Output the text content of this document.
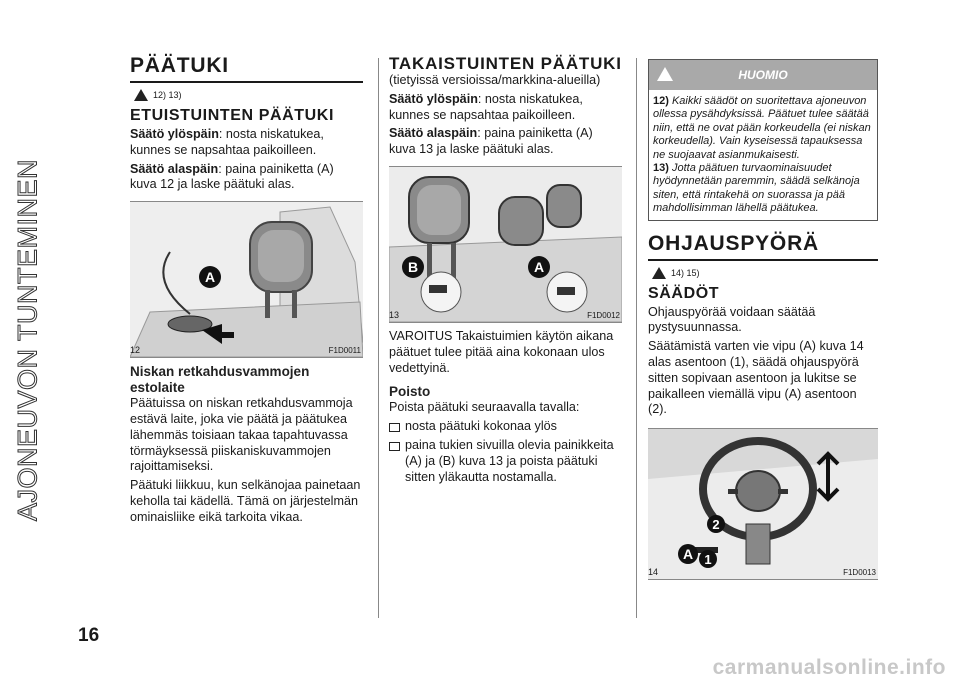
AJONEUVON TUNTEMINEN
16
carmanualsonline.info
PÄÄTUKI
12) 13)
ETUISTUINTEN PÄÄTUKI

Säätö ylöspäin: nosta niskatukea, kunnes se napsahtaa paikoilleen.

Säätö alaspäin: paina painiketta (A) kuva 12 ja laske päätuki alas.

A
12	F1D0011
Niskan retkahdusvammojen estolaite

Päätuissa on niskan retkahdusvammoja estävä laite, joka vie päätä ja päätukea lähemmäs toisiaan takaa tapahtuvassa törmäyksessä piiskaniskuvammojen rajoittamiseksi.

Päätuki liikkuu, kun selkänojaa painetaan keholla tai kädellä. Tämä on järjestelmän ominaisliike eikä tarkoita vikaa.

TAKAISTUINTEN PÄÄTUKI

(tietyissä versioissa/markkina-alueilla)

Säätö ylöspäin: nosta niskatukea, kunnes se napsahtaa paikoilleen.

Säätö alaspäin: paina painiketta (A) kuva 13 ja laske päätuki alas.

B	A
13	F1D0012

VAROITUS Takaistuimien käytön aikana päätuet tulee pitää aina kokonaan ulos vedettyinä.

Poisto

Poista päätuki seuraavalla tavalla:

nosta päätuki kokonaa ylös

paina tukien sivuilla olevia painikkeita (A) ja (B) kuva 13 ja poista päätuki sitten yläkautta nostamalla.

HUOMIO
12) Kaikki säädöt on suoritettava ajoneuvon ollessa pysähdyksissä. Päätuet tulee säätää niin, että ne ovat pään korkeudella (ei niskan korkeudella). Vain kyseisessä tapauksessa ne suojaavat asianmukaisesti.
13) Jotta päätuen turvaominaisuudet hyödynnetään paremmin, säädä selkänoja siten, että rintakehä on suorassa ja pää mahdollisimman lähellä päätukea.
OHJAUSPYÖRÄ
14) 15)
SÄÄDÖT

Ohjauspyörää voidaan säätää pystysuunnassa.

Säätämistä varten vie vipu (A) kuva 14 alas asentoon (1), säädä ohjauspyörä sitten sopivaan asentoon ja lukitse se paikalleen viemällä vipu (A) asentoon (2).

2
1
A
14	F1D0013
